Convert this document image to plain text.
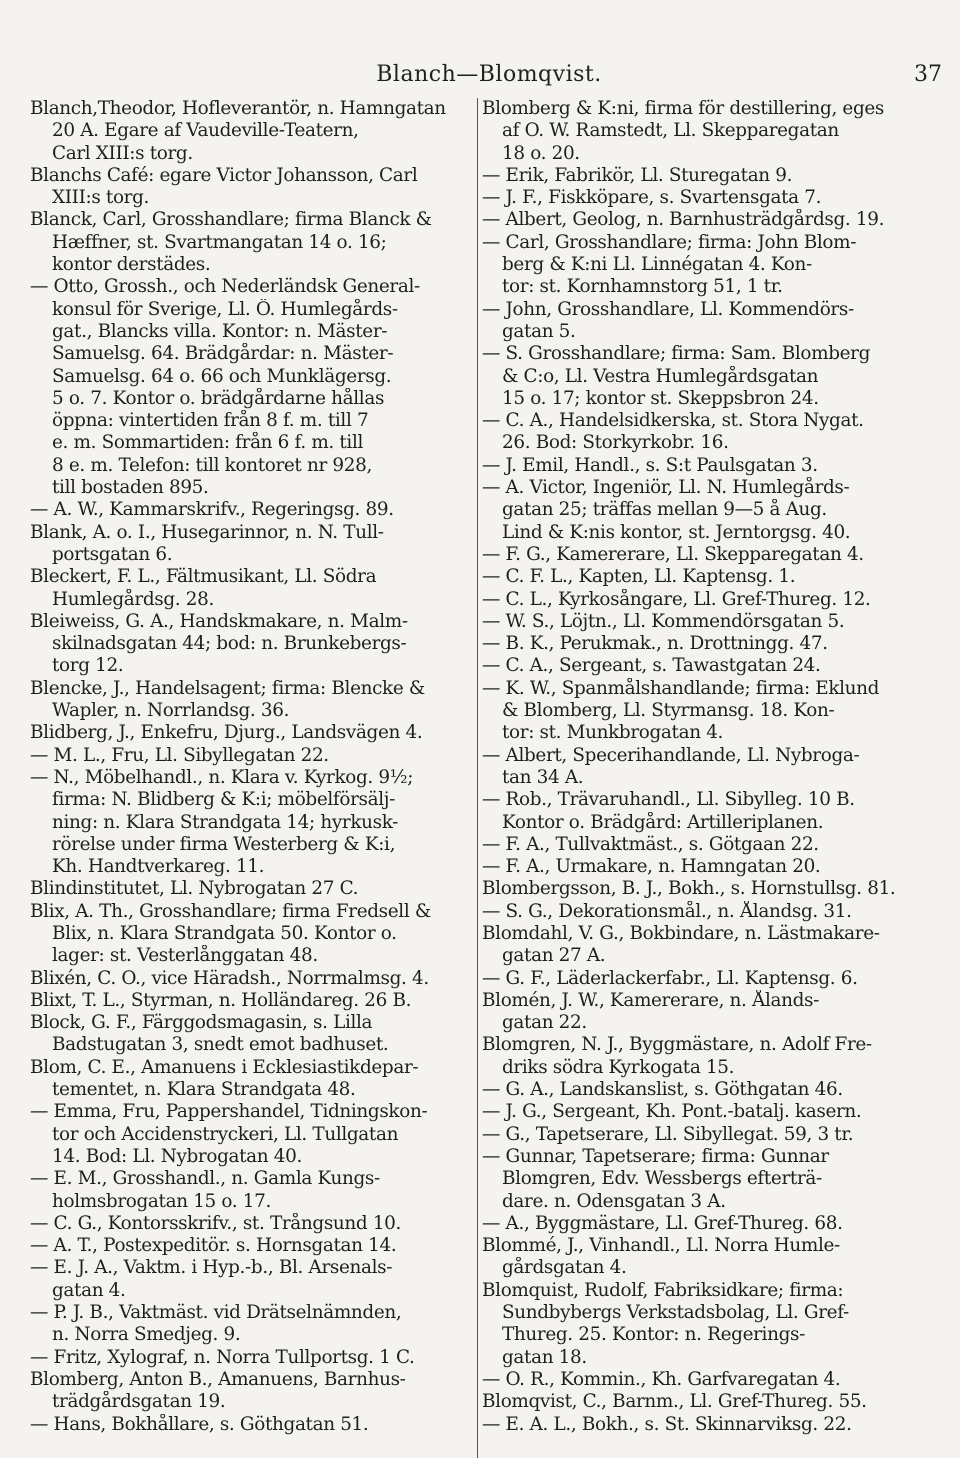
Blanch—Blomqvist.	37
Blanch,Theodor, Hofleverantör, n. Hamngatan
20 A. Egare af Vaudeville-Teatern,
Carl XIII:s torg.
Blanchs Café: egare Victor Johansson, Carl
XIII:s torg.
Blanck, Carl, Grosshandlare; firma Blanck &
Hæffner, st. Svartmangatan 14 o. 16;
kontor derstädes.
— Otto, Grossh., och Nederländsk General-
konsul för Sverige, Ll. Ö. Humlegårds-
gat., Blancks villa. Kontor: n. Mäster-
Samuelsg. 64. Brädgårdar: n. Mäster-
Samuelsg. 64 o. 66 och Munklägersg.
5 o. 7. Kontor o. brädgårdarne hållas
öppna: vintertiden från 8 f. m. till 7
e. m. Sommartiden: från 6 f. m. till
8 e. m. Telefon: till kontoret nr 928,
till bostaden 895.
— A. W., Kammarskrifv., Regeringsg. 89.
Blank, A. o. I., Husegarinnor, n. N. Tull-
portsgatan 6.
Bleckert, F. L., Fältmusikant, Ll. Södra
Humlegårdsg. 28.
Bleiweiss, G. A., Handskmakare, n. Malm-
skilnadsgatan 44; bod: n. Brunkebergs-
torg 12.
Blencke, J., Handelsagent; firma: Blencke &
Wapler, n. Norrlandsg. 36.
Blidberg, J., Enkefru, Djurg., Landsvägen 4.
— M. L., Fru, Ll. Sibyllegatan 22.
— N., Möbelhandl., n. Klara v. Kyrkog. 9½;
firma: N. Blidberg & K:i; möbelförsälj-
ning: n. Klara Strandgata 14; hyrkusk-
rörelse under firma Westerberg & K:i,
Kh. Handtverkareg. 11.
Blindinstitutet, Ll. Nybrogatan 27 C.
Blix, A. Th., Grosshandlare; firma Fredsell &
Blix, n. Klara Strandgata 50. Kontor o.
lager: st. Vesterlånggatan 48.
Blixén, C. O., vice Häradsh., Norrmalmsg. 4.
Blixt, T. L., Styrman, n. Holländareg. 26 B.
Block, G. F., Färggodsmagasin, s. Lilla
Badstugatan 3, snedt emot badhuset.
Blom, C. E., Amanuens i Ecklesiastikdepar-
tementet, n. Klara Strandgata 48.
— Emma, Fru, Pappershandel, Tidningskon-
tor och Accidenstryckeri, Ll. Tullgatan
14. Bod: Ll. Nybrogatan 40.
— E. M., Grosshandl., n. Gamla Kungs-
holmsbrogatan 15 o. 17.
— C. G., Kontorsskrifv., st. Trångsund 10.
— A. T., Postexpeditör. s. Hornsgatan 14.
— E. J. A., Vaktm. i Hyp.-b., Bl. Arsenals-
gatan 4.
— P. J. B., Vaktmäst. vid Drätselnämnden,
n. Norra Smedjeg. 9.
— Fritz, Xylograf, n. Norra Tullportsg. 1 C.
Blomberg, Anton B., Amanuens, Barnhus-
trädgårdsgatan 19.
— Hans, Bokhållare, s. Göthgatan 51.
Blomberg & K:ni, firma för destillering, eges
af O. W. Ramstedt, Ll. Skepparegatan
18 o. 20.
— Erik, Fabrikör, Ll. Sturegatan 9.
— J. F., Fiskköpare, s. Svartensgata 7.
— Albert, Geolog, n. Barnhusträdgårdsg. 19.
— Carl, Grosshandlare; firma: John Blom-
berg & K:ni Ll. Linnégatan 4. Kon-
tor: st. Kornhamnstorg 51, 1 tr.
— John, Grosshandlare, Ll. Kommendörs-
gatan 5.
— S. Grosshandlare; firma: Sam. Blomberg
& C:o, Ll. Vestra Humlegårdsgatan
15 o. 17; kontor st. Skeppsbron 24.
— C. A., Handelsidkerska, st. Stora Nygat.
26. Bod: Storkyrkobr. 16.
— J. Emil, Handl., s. S:t Paulsgatan 3.
— A. Victor, Ingeniör, Ll. N. Humlegårds-
gatan 25; träffas mellan 9—5 å Aug.
Lind & K:nis kontor, st. Jerntorgsg. 40.
— F. G., Kamererare, Ll. Skepparegatan 4.
— C. F. L., Kapten, Ll. Kaptensg. 1.
— C. L., Kyrkosångare, Ll. Gref-Thureg. 12.
— W. S., Löjtn., Ll. Kommendörsgatan 5.
— B. K., Perukmak., n. Drottningg. 47.
— C. A., Sergeant, s. Tawastgatan 24.
— K. W., Spanmålshandlande; firma: Eklund
& Blomberg, Ll. Styrmansg. 18. Kon-
tor: st. Munkbrogatan 4.
— Albert, Specerihandlande, Ll. Nybroga-
tan 34 A.
— Rob., Trävaruhandl., Ll. Sibylleg. 10 B.
Kontor o. Brädgård: Artilleriplanen.
— F. A., Tullvaktmäst., s. Götgaan 22.
— F. A., Urmakare, n. Hamngatan 20.
Blombergsson, B. J., Bokh., s. Hornstullsg. 81.
— S. G., Dekorationsmål., n. Ålandsg. 31.
Blomdahl, V. G., Bokbindare, n. Lästmakare-
gatan 27 A.
— G. F., Läderlackerfabr., Ll. Kaptensg. 6.
Blomén, J. W., Kamererare, n. Ålands-
gatan 22.
Blomgren, N. J., Byggmästare, n. Adolf Fre-
driks södra Kyrkogata 15.
— G. A., Landskanslist, s. Göthgatan 46.
— J. G., Sergeant, Kh. Pont.-batalj. kasern.
— G., Tapetserare, Ll. Sibyllegat. 59, 3 tr.
— Gunnar, Tapetserare; firma: Gunnar
Blomgren, Edv. Wessbergs efterträ-
dare. n. Odensgatan 3 A.
— A., Byggmästare, Ll. Gref-Thureg. 68.
Blommé, J., Vinhandl., Ll. Norra Humle-
gårdsgatan 4.
Blomquist, Rudolf, Fabriksidkare; firma:
Sundbybergs Verkstadsbolag, Ll. Gref-
Thureg. 25. Kontor: n. Regerings-
gatan 18.
— O. R., Kommin., Kh. Garfvaregatan 4.
Blomqvist, C., Barnm., Ll. Gref-Thureg. 55.
— E. A. L., Bokh., s. St. Skinnarviksg. 22.
